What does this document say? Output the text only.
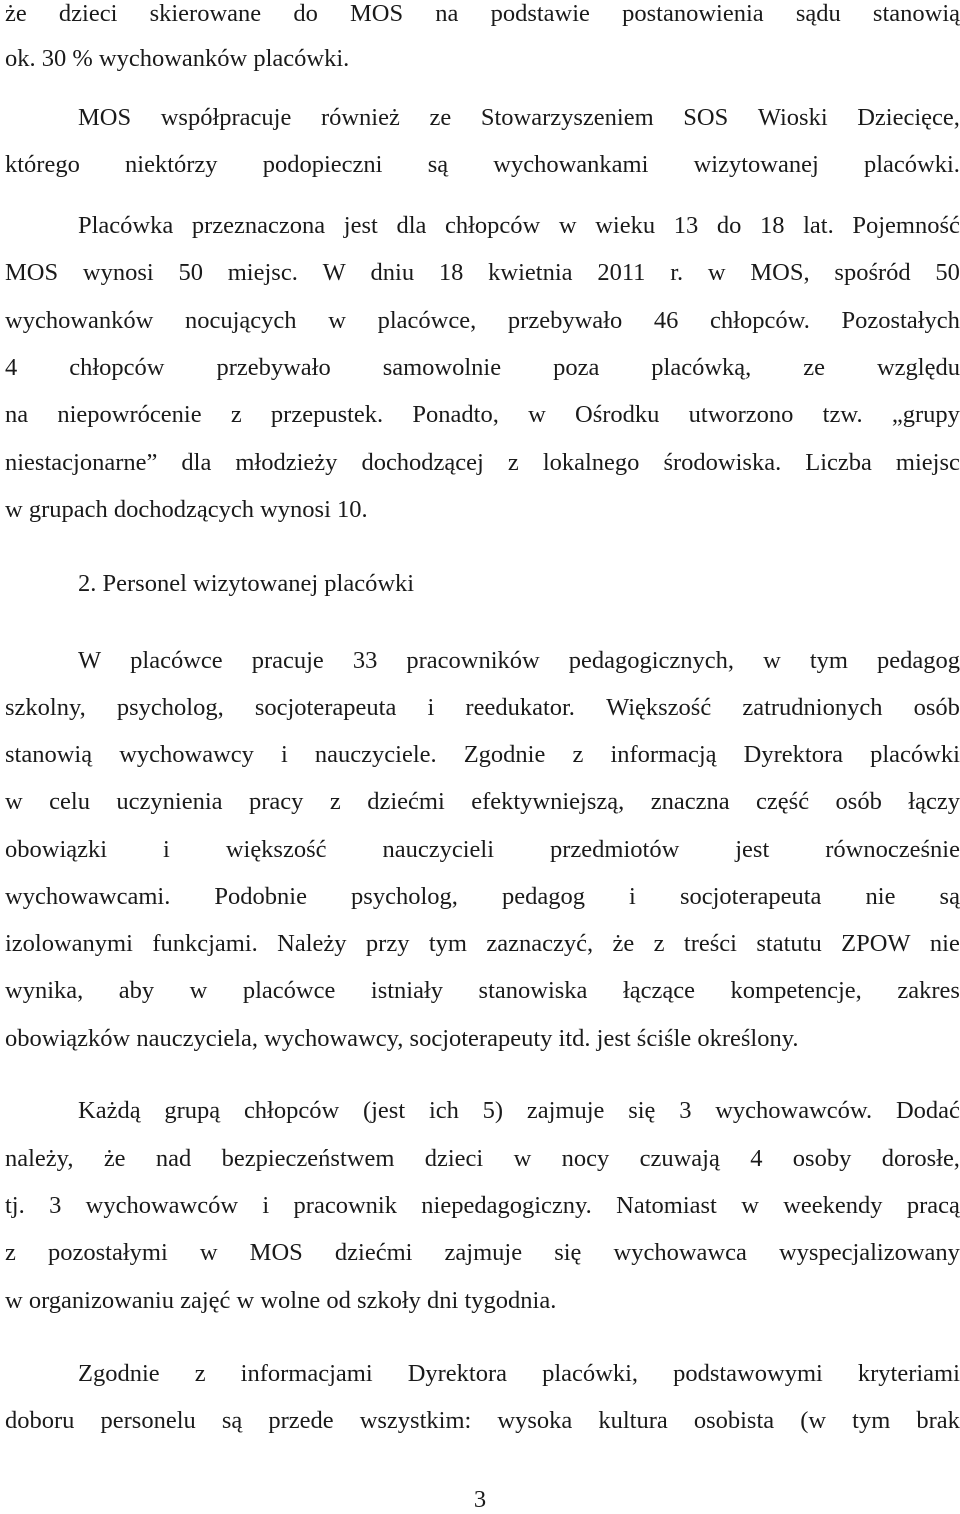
że dzieci skierowane do MOS na podstawie postanowienia sądu stanowią
ok. 30 % wychowanków placówki.
MOS współpracuje również ze Stowarzyszeniem SOS Wioski Dziecięce,
którego niektórzy podopieczni są wychowankami wizytowanej placówki.
Placówka przeznaczona jest dla chłopców w wieku 13 do 18 lat. Pojemność
MOS wynosi 50 miejsc. W dniu 18 kwietnia 2011 r. w MOS, spośród 50
wychowanków nocujących w placówce, przebywało 46 chłopców. Pozostałych
4 chłopców przebywało samowolnie poza placówką, ze względu
na niepowrócenie z przepustek. Ponadto, w Ośrodku utworzono tzw. „grupy
niestacjonarne” dla młodzieży dochodzącej z lokalnego środowiska. Liczba miejsc
w grupach dochodzących wynosi 10.
2. Personel wizytowanej placówki
W placówce pracuje 33 pracowników pedagogicznych, w tym pedagog
szkolny, psycholog, socjoterapeuta i reedukator. Większość zatrudnionych osób
stanowią wychowawcy i nauczyciele. Zgodnie z informacją Dyrektora placówki
w celu uczynienia pracy z dziećmi efektywniejszą, znaczna część osób łączy
obowiązki i większość nauczycieli przedmiotów jest równocześnie
wychowawcami. Podobnie psycholog, pedagog i socjoterapeuta nie są
izolowanymi funkcjami. Należy przy tym zaznaczyć, że z treści statutu ZPOW nie
wynika, aby w placówce istniały stanowiska łączące kompetencje, zakres
obowiązków nauczyciela, wychowawcy, socjoterapeuty itd. jest ściśle określony.
Każdą grupą chłopców (jest ich 5) zajmuje się 3 wychowawców. Dodać
należy, że nad bezpieczeństwem dzieci w nocy czuwają 4 osoby dorosłe,
tj. 3 wychowawców i pracownik niepedagogiczny. Natomiast w weekendy pracą
z pozostałymi w MOS dziećmi zajmuje się wychowawca wyspecjalizowany
w organizowaniu zajęć w wolne od szkoły dni tygodnia.
Zgodnie z informacjami Dyrektora placówki, podstawowymi kryteriami
doboru personelu są przede wszystkim: wysoka kultura osobista (w tym brak
3
